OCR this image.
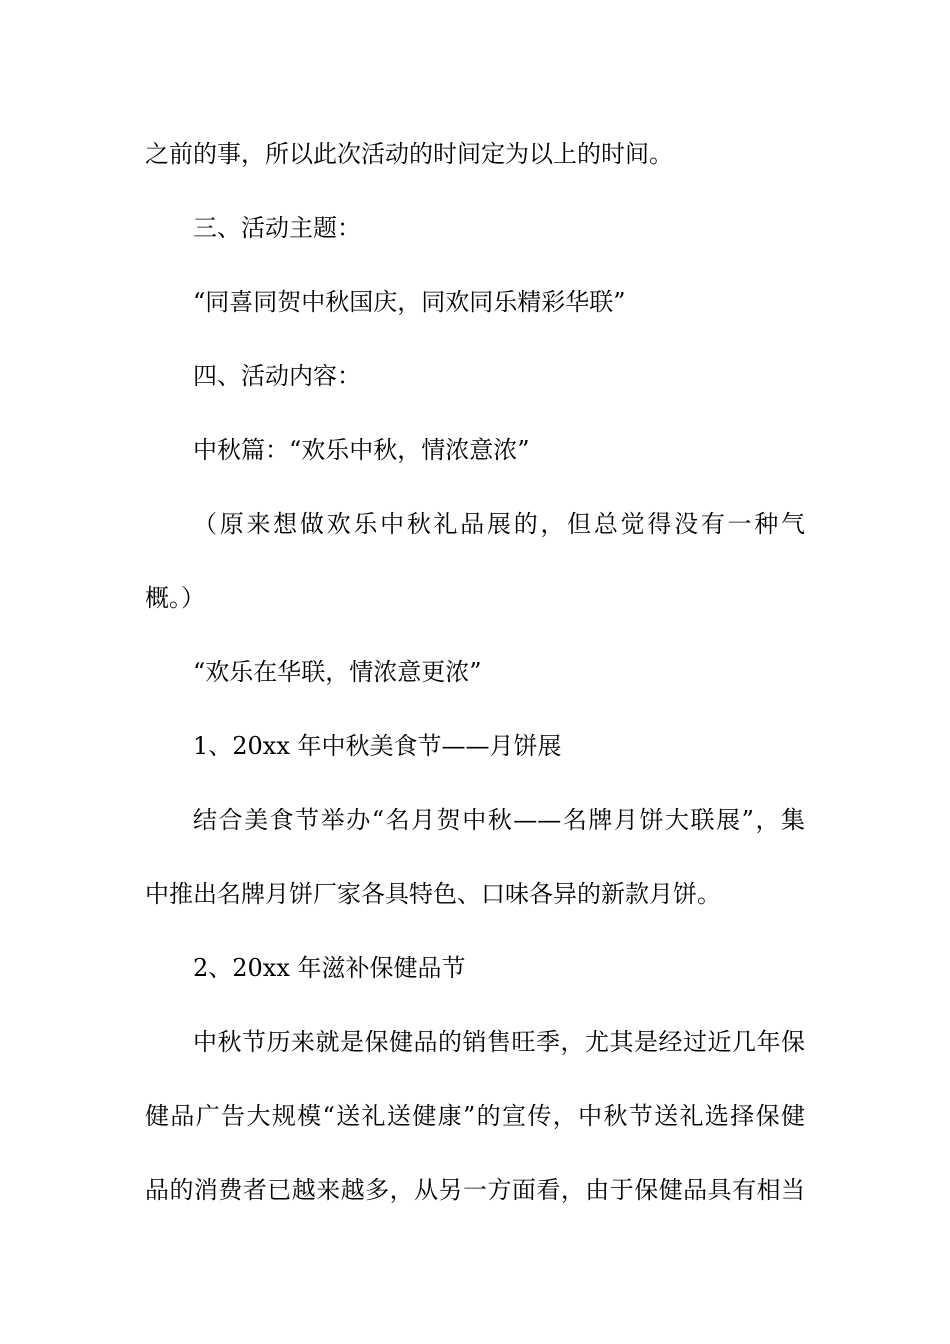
之前的事，所以此次活动的时间定为以上的时间。
三、活动主题：
“同喜同贺中秋国庆，同欢同乐精彩华联”
四、活动内容：
中秋篇：“欢乐中秋，情浓意浓”
（原来想做欢乐中秋礼品展的，但总觉得没有一种气
概。）
“欢乐在华联，情浓意更浓”
1、20xx 年中秋美食节——月饼展
结合美食节举办“名月贺中秋——名牌月饼大联展”，集
中推出名牌月饼厂家各具特色、口味各异的新款月饼。
2、20xx 年滋补保健品节
中秋节历来就是保健品的销售旺季，尤其是经过近几年保
健品广告大规模“送礼送健康”的宣传，中秋节送礼选择保健
品的消费者已越来越多，从另一方面看，由于保健品具有相当
